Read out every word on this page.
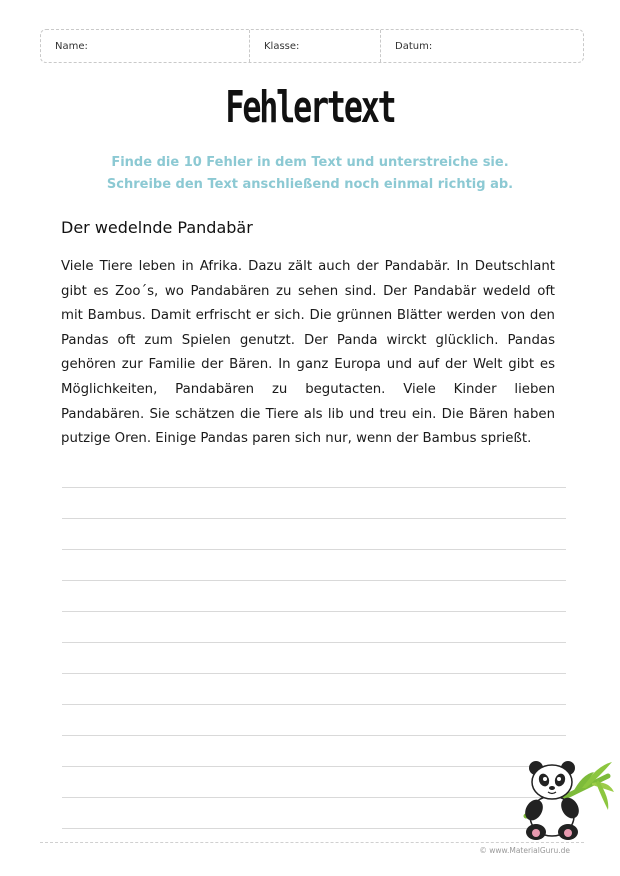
Name:	Klasse:	Datum:
Fehlertext
Finde die 10 Fehler in dem Text und unterstreiche sie.
Schreibe den Text anschließend noch einmal richtig ab.
Der wedelnde Pandabär
Viele Tiere leben in Afrika. Dazu zält auch der Pandabär. In Deutschlant gibt es Zoo´s, wo Pandabären zu sehen sind. Der Pandabär wedeld oft mit Bambus. Damit erfrischt er sich. Die grünnen Blätter werden von den Pandas oft zum Spielen genutzt. Der Panda wirckt glücklich. Pandas gehören zur Familie der Bären. In ganz Europa und auf der Welt gibt es Möglichkeiten, Pandabären zu begutacten. Viele Kinder lieben Pandabären. Sie schätzen die Tiere als lib und treu ein. Die Bären haben putzige Oren. Einige Pandas paren sich nur, wenn der Bambus sprießt.
© www.MaterialGuru.de
